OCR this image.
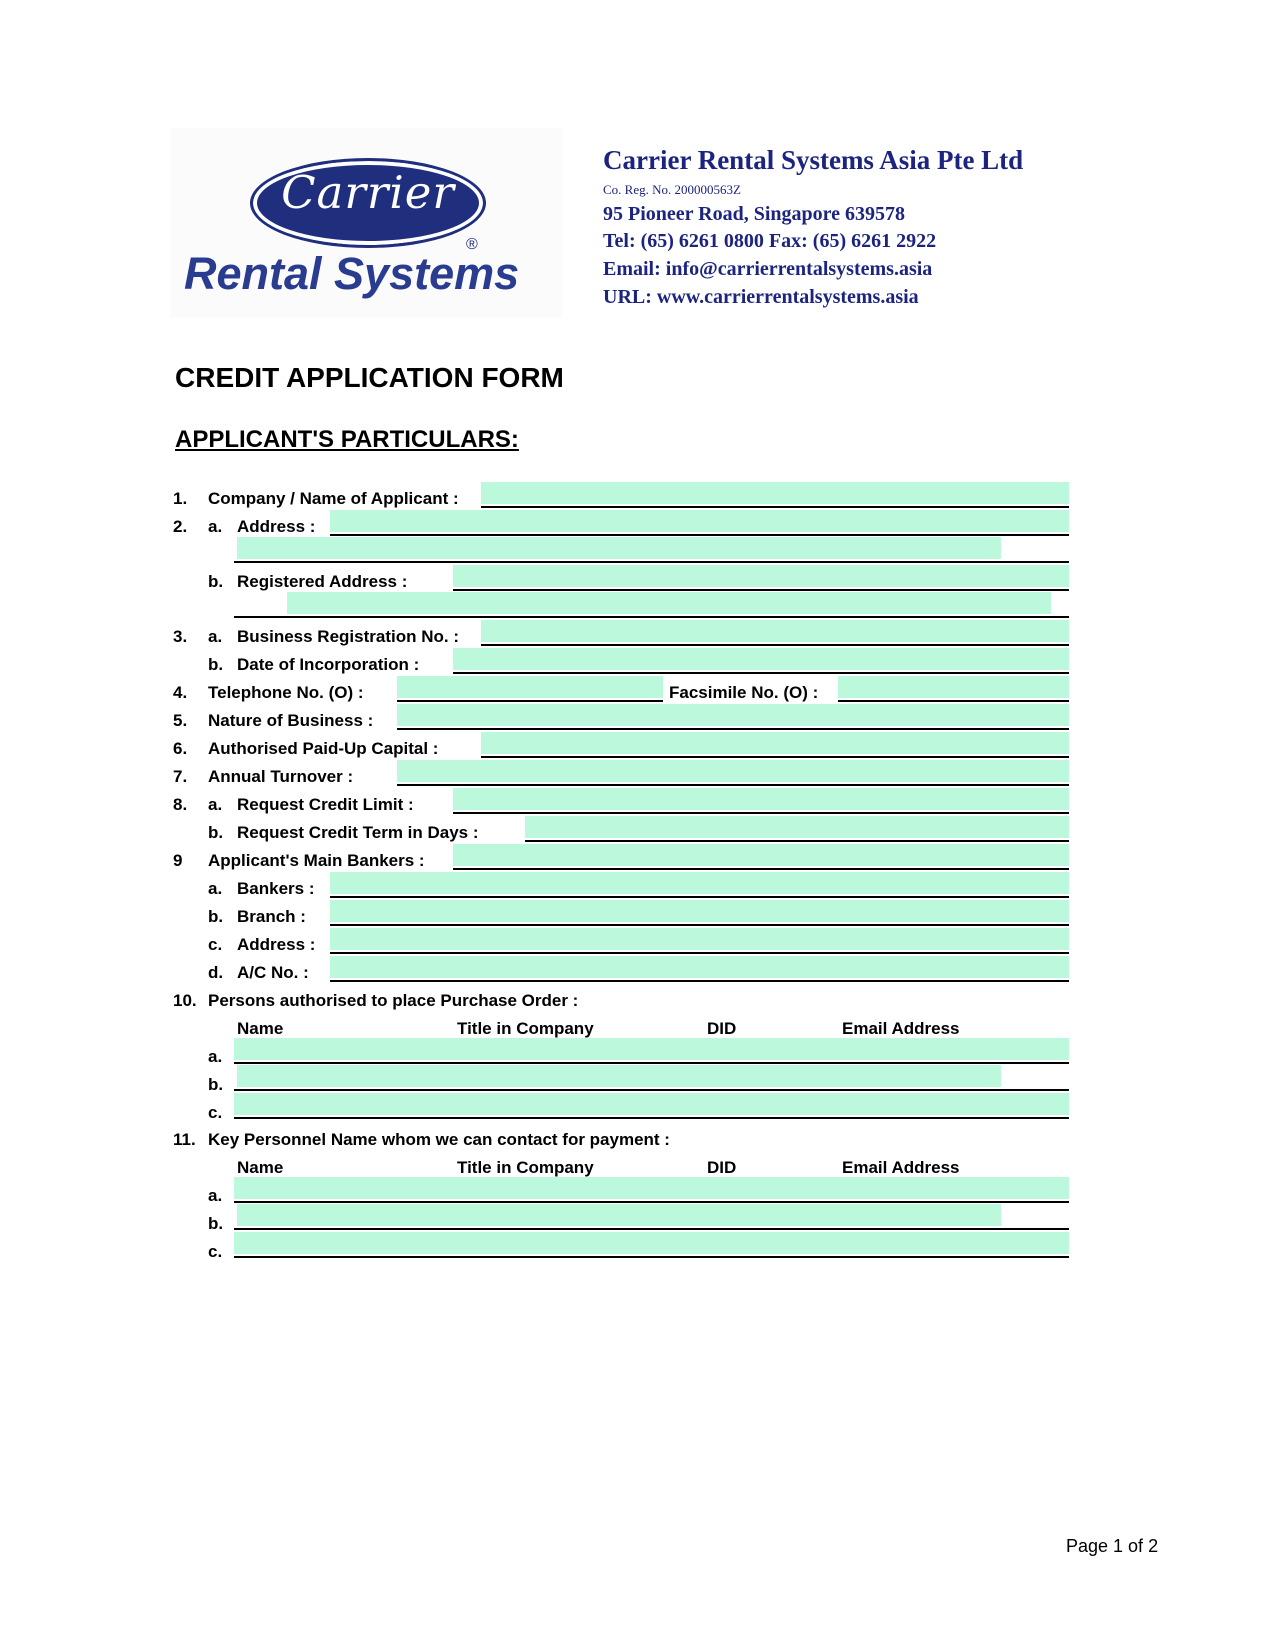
Carrier
®
Rental Systems
Carrier Rental Systems Asia Pte Ltd
Co. Reg. No. 200000563Z
95 Pioneer Road, Singapore 639578
Tel: (65) 6261 0800 Fax: (65) 6261 2922
Email: info@carrierrentalsystems.asia
URL: www.carrierrentalsystems.asia
CREDIT APPLICATION FORM
APPLICANT'S PARTICULARS:
1. Company / Name of Applicant :
2. a. Address :
b. Registered Address :
3. a. Business Registration No. :
b. Date of Incorporation :
4. Telephone No. (O) :	Facsimile No. (O) :
5. Nature of Business :
6. Authorised Paid-Up Capital :
7. Annual Turnover :
8. a. Request Credit Limit :
b. Request Credit Term in Days :
9 Applicant's Main Bankers :
a. Bankers :
b. Branch :
c. Address :
d. A/C No. :
10. Persons authorised to place Purchase Order :
Name	Title in Company	DID	Email Address
a.
b.
c.
11. Key Personnel Name whom we can contact for payment :
Name	Title in Company	DID	Email Address
a.
b.
c.
Page 1 of 2
